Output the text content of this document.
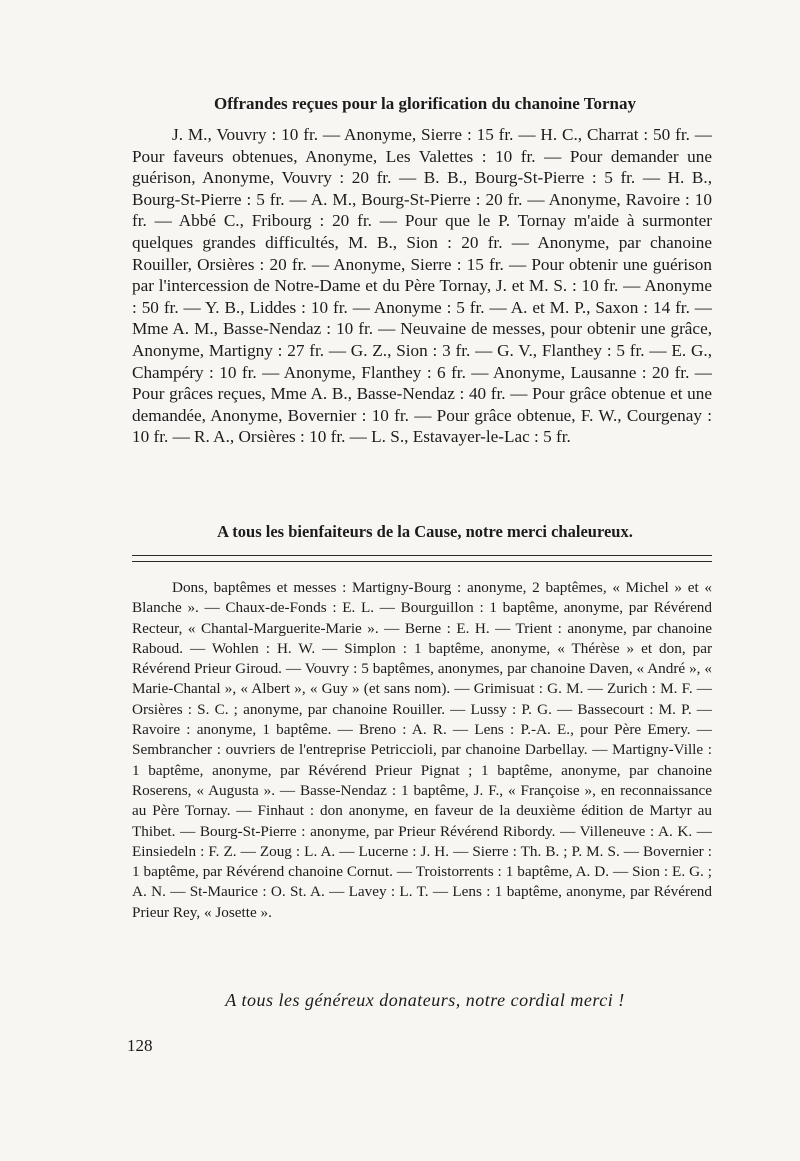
Offrandes reçues pour la glorification du chanoine Tornay

J. M., Vouvry : 10 fr. — Anonyme, Sierre : 15 fr. — H. C., Charrat : 50 fr. — Pour faveurs obtenues, Anonyme, Les Valettes : 10 fr. — Pour demander une guérison, Anonyme, Vouvry : 20 fr. — B. B., Bourg-St-Pierre : 5 fr. — H. B., Bourg-St-Pierre : 5 fr. — A. M., Bourg-St-Pierre : 20 fr. — Anonyme, Ravoire : 10 fr. — Abbé C., Fribourg : 20 fr. — Pour que le P. Tornay m'aide à surmonter quelques grandes difficultés, M. B., Sion : 20 fr. — Anonyme, par chanoine Rouiller, Orsières : 20 fr. — Anonyme, Sierre : 15 fr. — Pour obtenir une guérison par l'intercession de Notre-Dame et du Père Tornay, J. et M. S. : 10 fr. — Anonyme : 50 fr. — Y. B., Liddes : 10 fr. — Anonyme : 5 fr. — A. et M. P., Saxon : 14 fr. — Mme A. M., Basse-Nendaz : 10 fr. — Neuvaine de messes, pour obtenir une grâce, Anonyme, Martigny : 27 fr. — G. Z., Sion : 3 fr. — G. V., Flanthey : 5 fr. — E. G., Champéry : 10 fr. — Anonyme, Flanthey : 6 fr. — Anonyme, Lausanne : 20 fr. — Pour grâces reçues, Mme A. B., Basse-Nendaz : 40 fr. — Pour grâce obtenue et une demandée, Anonyme, Bovernier : 10 fr. — Pour grâce obtenue, F. W., Courgenay : 10 fr. — R. A., Orsières : 10 fr. — L. S., Estavayer-le-Lac : 5 fr.

A tous les bienfaiteurs de la Cause, notre merci chaleureux.

Dons, baptêmes et messes : Martigny-Bourg : anonyme, 2 baptêmes, « Michel » et « Blanche ». — Chaux-de-Fonds : E. L. — Bourguillon : 1 baptême, anonyme, par Révérend Recteur, « Chantal-Marguerite-Marie ». — Berne : E. H. — Trient : anonyme, par chanoine Raboud. — Wohlen : H. W. — Simplon : 1 baptême, anonyme, « Thérèse » et don, par Révérend Prieur Giroud. — Vouvry : 5 baptêmes, anonymes, par chanoine Daven, « André », « Marie-Chantal », « Albert », « Guy » (et sans nom). — Grimisuat : G. M. — Zurich : M. F. — Orsières : S. C. ; anonyme, par chanoine Rouiller. — Lussy : P. G. — Bassecourt : M. P. — Ravoire : anonyme, 1 baptême. — Breno : A. R. — Lens : P.-A. E., pour Père Emery. — Sembrancher : ouvriers de l'entreprise Petriccioli, par chanoine Darbellay. — Martigny-Ville : 1 baptême, anonyme, par Révérend Prieur Pignat ; 1 baptême, anonyme, par chanoine Roserens, « Augusta ». — Basse-Nendaz : 1 baptême, J. F., « Françoise », en reconnaissance au Père Tornay. — Finhaut : don anonyme, en faveur de la deuxième édition de Martyr au Thibet. — Bourg-St-Pierre : anonyme, par Prieur Révérend Ribordy. — Villeneuve : A. K. — Einsiedeln : F. Z. — Zoug : L. A. — Lucerne : J. H. — Sierre : Th. B. ; P. M. S. — Bovernier : 1 baptême, par Révérend chanoine Cornut. — Troistorrents : 1 baptême, A. D. — Sion : E. G. ; A. N. — St-Maurice : O. St. A. — Lavey : L. T. — Lens : 1 baptême, anonyme, par Révérend Prieur Rey, « Josette ».

A tous les généreux donateurs, notre cordial merci !
128
